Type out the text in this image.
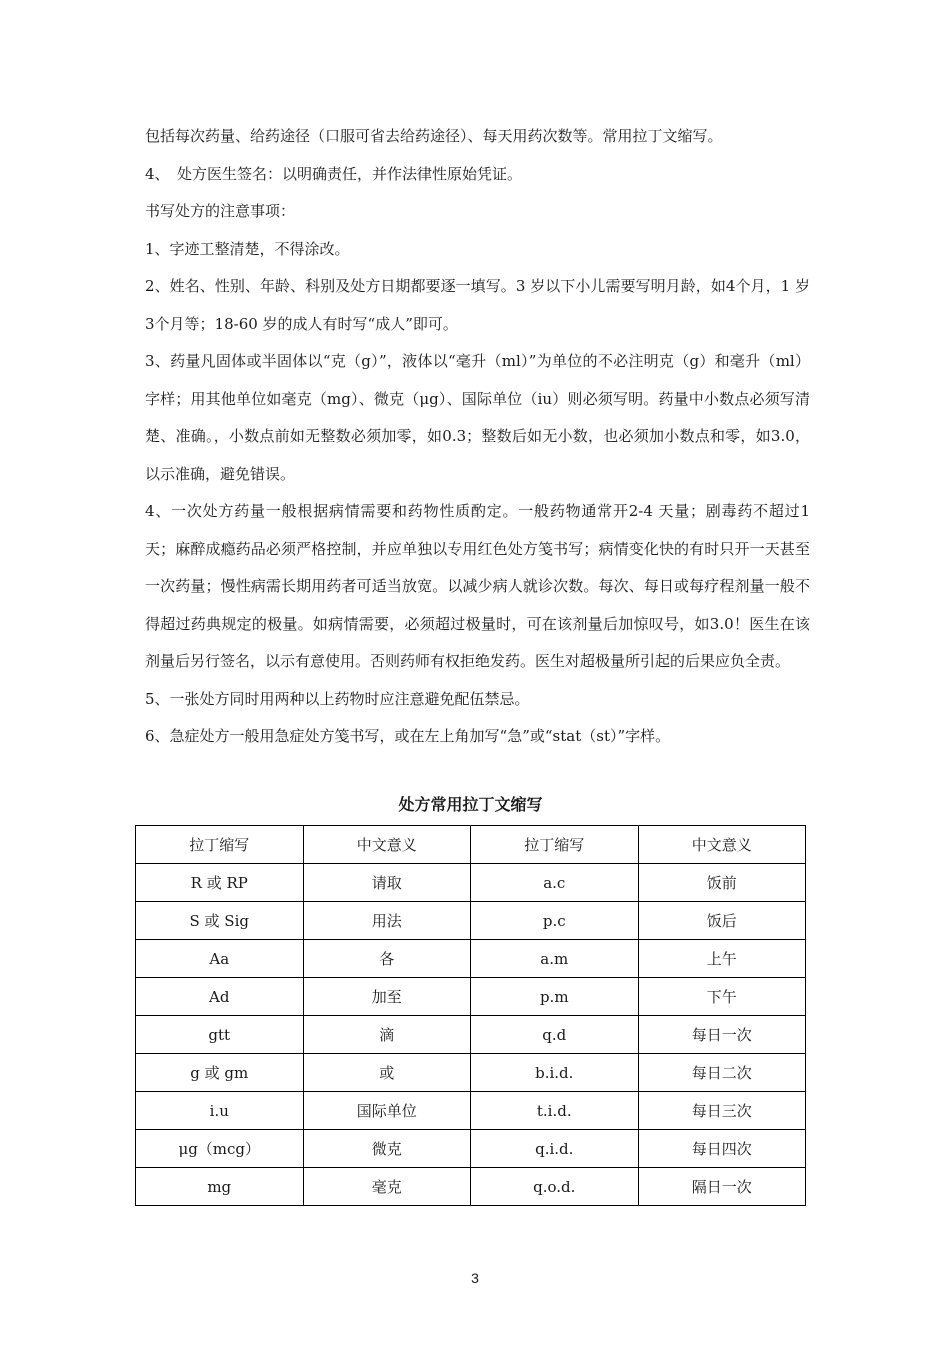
包括每次药量、给药途径（口服可省去给药途径）、每天用药次数等。常用拉丁文缩写。

4、　处方医生签名：以明确责任，并作法律性原始凭证。

书写处方的注意事项：

1、字迹工整清楚，不得涂改。

2、姓名、性别、年龄、科别及处方日期都要逐一填写。3 岁以下小儿需要写明月龄，如4个月，1 岁3个月等；18-60 岁的成人有时写“成人”即可。

3、药量凡固体或半固体以“克（g）”，液体以“毫升（ml）”为单位的不必注明克（g）和毫升（ml）字样；用其他单位如毫克（mg）、微克（μg）、国际单位（iu）则必须写明。药量中小数点必须写清楚、准确。，小数点前如无整数必须加零，如0.3；整数后如无小数，也必须加小数点和零，如3.0，以示准确，避免错误。

4、一次处方药量一般根据病情需要和药物性质酌定。一般药物通常开2-4 天量；剧毒药不超过1 天；麻醉成瘾药品必须严格控制，并应单独以专用红色处方笺书写；病情变化快的有时只开一天甚至一次药量；慢性病需长期用药者可适当放宽。以减少病人就诊次数。每次、每日或每疗程剂量一般不得超过药典规定的极量。如病情需要，必须超过极量时，可在该剂量后加惊叹号，如3.0！医生在该剂量后另行签名，以示有意使用。否则药师有权拒绝发药。医生对超极量所引起的后果应负全责。

5、一张处方同时用两种以上药物时应注意避免配伍禁忌。

6、急症处方一般用急症处方笺书写，或在左上角加写“急”或“stat（st）”字样。

处方常用拉丁文缩写
拉丁缩写	中文意义	拉丁缩写	中文意义
R 或 RP	请取	a.c	饭前
S 或 Sig	用法	p.c	饭后
Aa	各	a.m	上午
Ad	加至	p.m	下午
gtt	滴	q.d	每日一次
g 或 gm	或	b.i.d.	每日二次
i.u	国际单位	t.i.d.	每日三次
μg（mcg）	微克	q.i.d.	每日四次
mg	毫克	q.o.d.	隔日一次
3
